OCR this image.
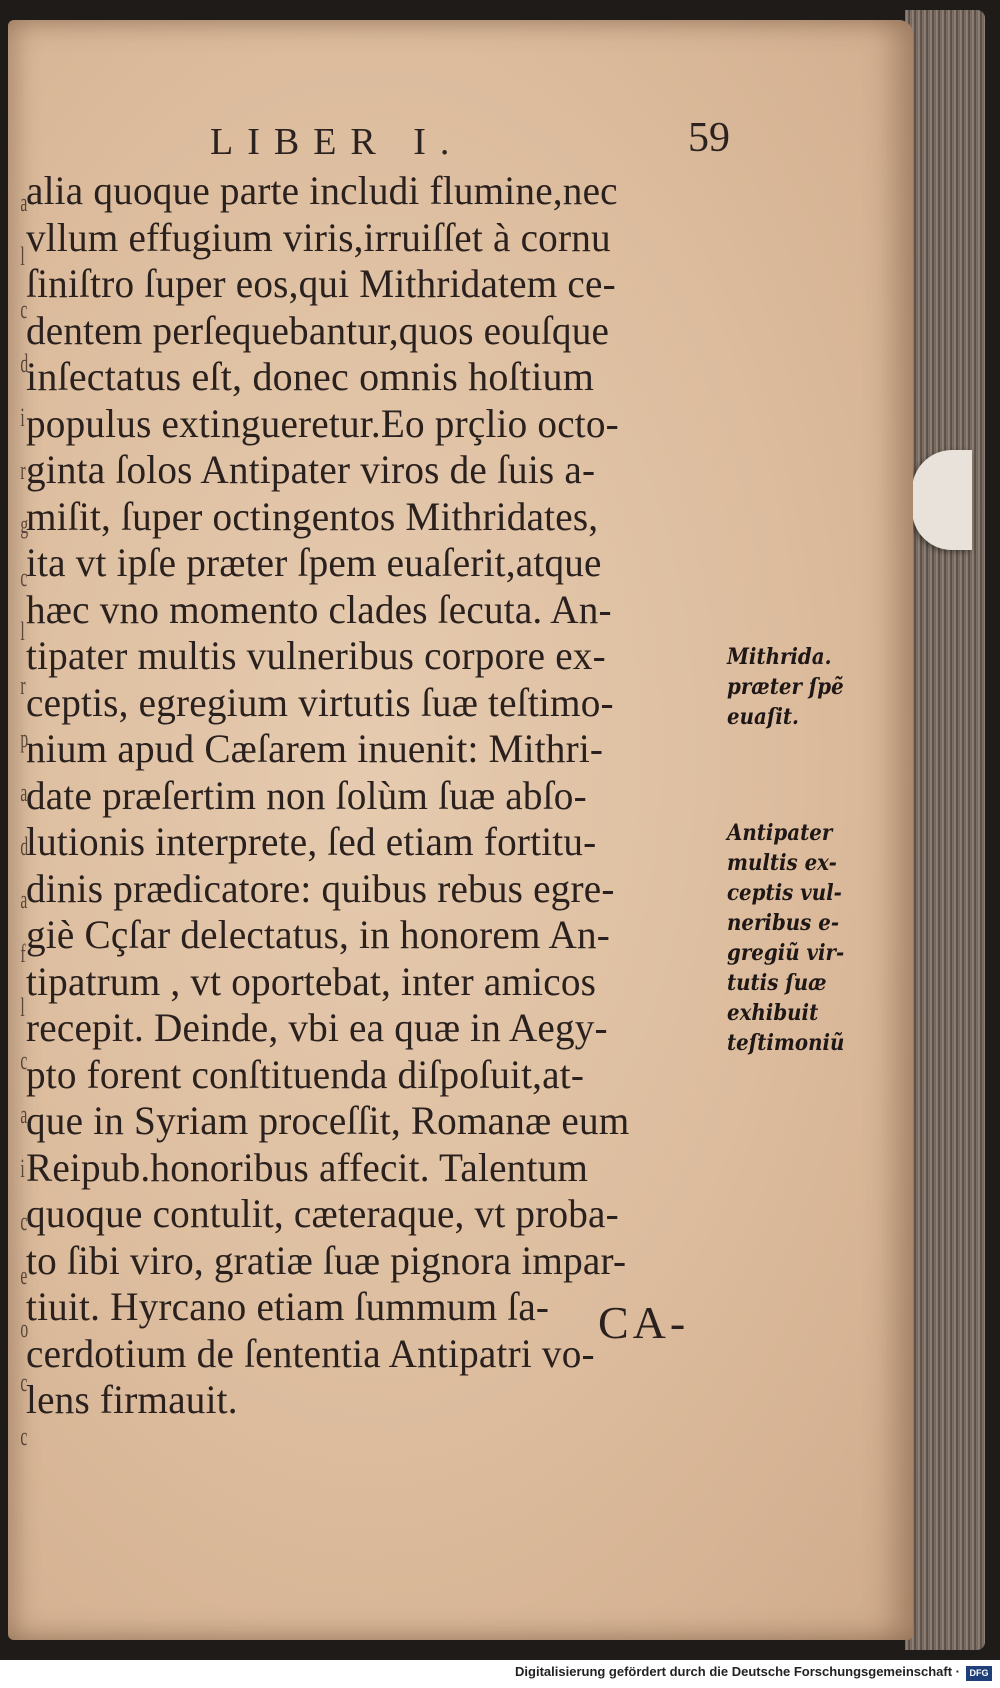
a
l
c
d
i
r
g
c
l
r
p
a
d
a
f
l
c
a
i
c
e
o
c
c
LIBER I.	59
alia quoque parte includi flumine,nec
vllum effugium viris,irruiſſet à cornu
ſiniſtro ſuper eos,qui Mithridatem ce-
dentem perſequebantur,quos eouſque
inſectatus eſt, donec omnis hoſtium
populus extingueretur.Eo prçlio octo-
ginta ſolos Antipater viros de ſuis a-
miſit, ſuper octingentos Mithridates,
ita vt ipſe præter ſpem euaſerit,atque
hæc vno momento clades ſecuta. An-
tipater multis vulneribus corpore ex-
ceptis, egregium virtutis ſuæ teſtimo-
nium apud Cæſarem inuenit: Mithri-
date præſertim non ſolùm ſuæ abſo-
lutionis interprete, ſed etiam fortitu-
dinis prædicatore: quibus rebus egre-
giè Cçſar delectatus, in honorem An-
tipatrum , vt oportebat, inter amicos
recepit. Deinde, vbi ea quæ in Aegy-
pto forent conſtituenda diſpoſuit,at-
que in Syriam proceſſit, Romanæ eum
Reipub.honoribus affecit. Talentum
quoque contulit, cæteraque, vt proba-
to ſibi viro, gratiæ ſuæ pignora impar-
tiuit. Hyrcano etiam ſummum ſa-
cerdotium de ſententia Antipatri vo-
lens firmauit.
Mithrida.
præter ſpẽ
euaſit.
Antipater
multis ex-
ceptis vul-
neribus e-
gregiũ vir-
tutis ſuæ
exhibuit
teſtimoniũ
CA-
Digitalisierung gefördert durch die Deutsche Forschungsgemeinschaft ·	DFG
